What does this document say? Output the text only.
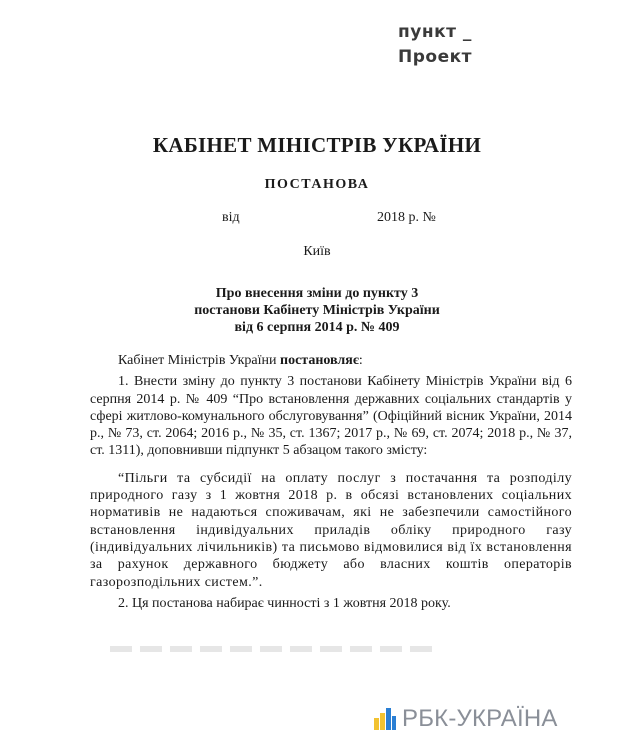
пункт _
Проект
КАБІНЕТ МІНІСТРІВ УКРАЇНИ
ПОСТАНОВА
від	2018 р. №
Київ
Про внесення зміни до пункту 3
постанови Кабінету Міністрів України
від 6 серпня 2014 р. № 409

Кабінет Міністрів України постановляє:

1. Внести зміну до пункту 3 постанови Кабінету Міністрів України від 6 серпня 2014 р. № 409 “Про встановлення державних соціальних стандартів у сфері житлово-комунального обслуговування” (Офіційний вісник України, 2014 р., № 73, ст. 2064; 2016 р., № 35, ст. 1367; 2017 р., № 69, ст. 2074; 2018 р., № 37, ст. 1311), доповнивши підпункт 5 абзацом такого змісту:

“Пільги та субсидії на оплату послуг з постачання та розподілу природного газу з 1 жовтня 2018 р. в обсязі встановлених соціальних нормативів не надаються споживачам, які не забезпечили самостійного встановлення індивідуальних приладів обліку природного газу (індивідуальних лічильників) та письмово відмовилися від їх встановлення за рахунок державного бюджету або власних коштів операторів газорозподільних систем.”.

2. Ця постанова набирає чинності з 1 жовтня 2018 року.

РБК-УКРАЇНА
